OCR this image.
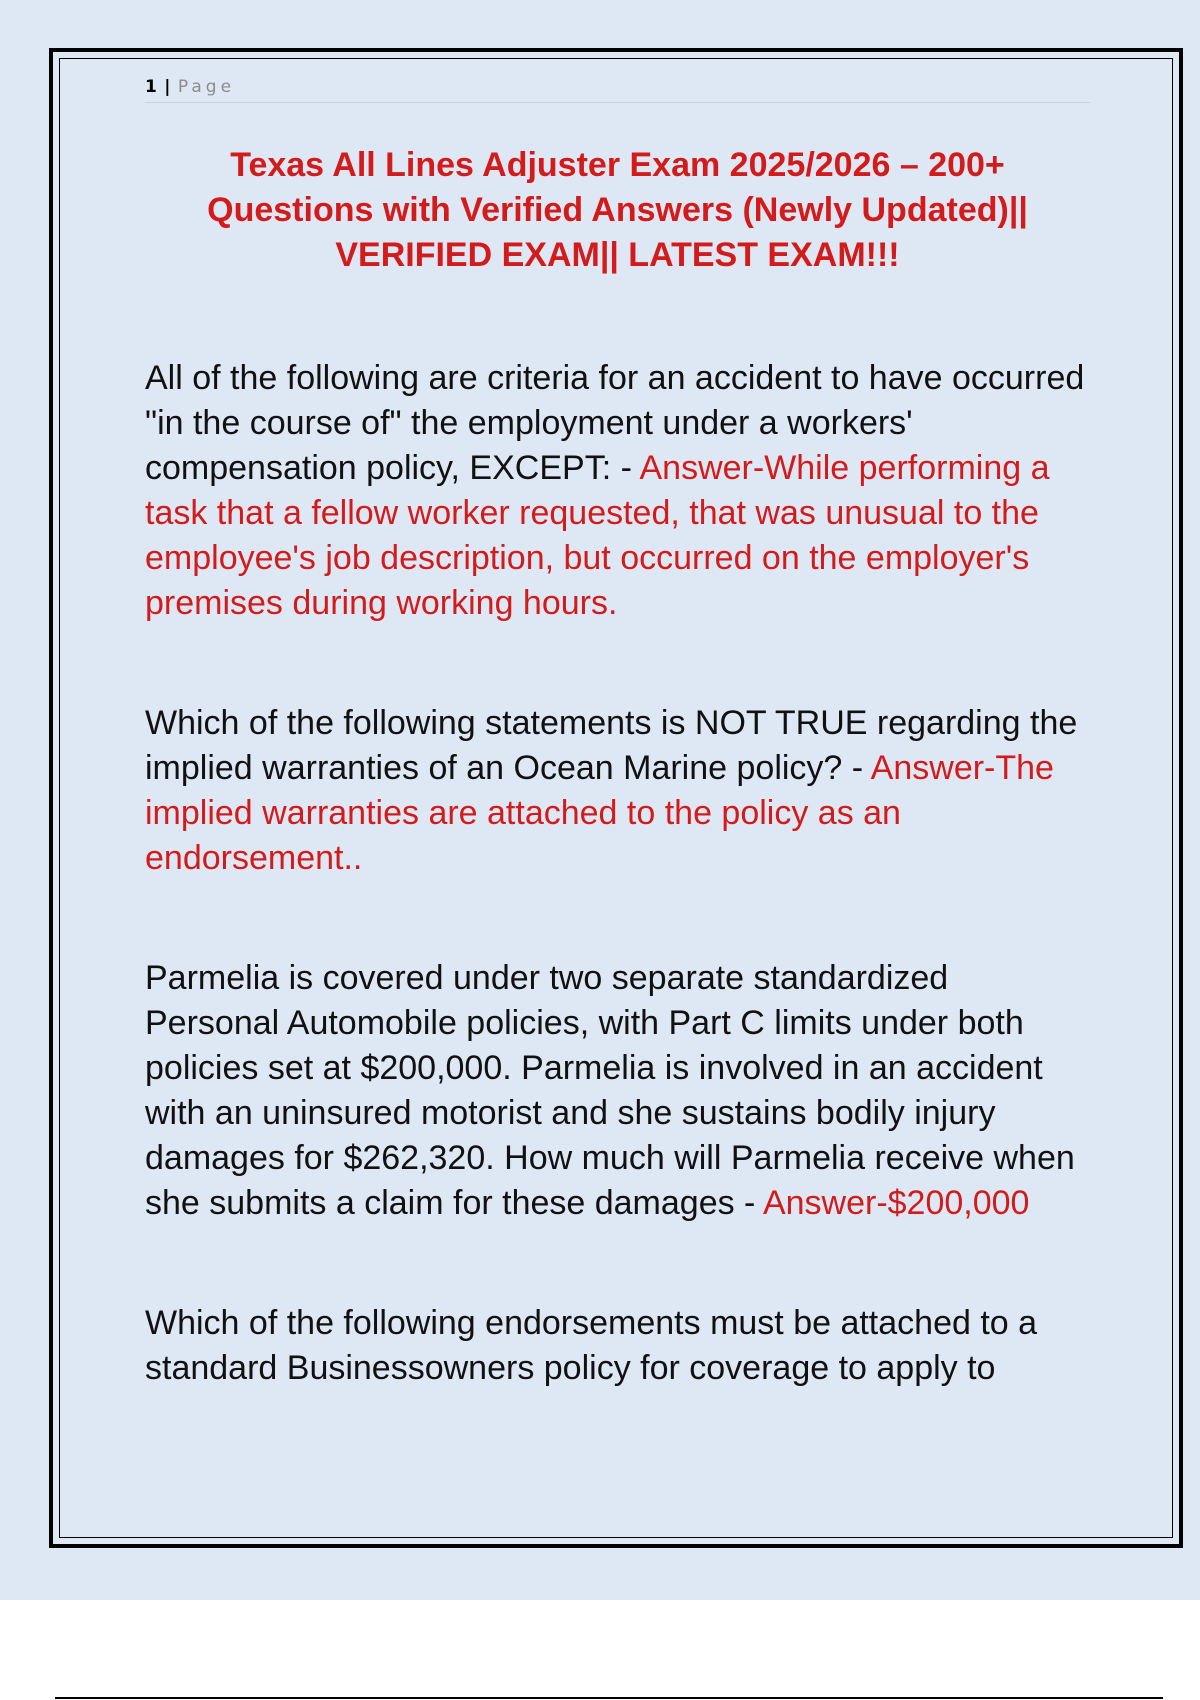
1 | Page
Texas All Lines Adjuster Exam 2025/2026 – 200+
Questions with Verified Answers (Newly Updated)||
VERIFIED EXAM|| LATEST EXAM!!!

All of the following are criteria for an accident to have occurred "in the course of" the employment under a workers' compensation policy, EXCEPT: - Answer-While performing a task that a fellow worker requested, that was unusual to the employee's job description, but occurred on the employer's premises during working hours.

Which of the following statements is NOT TRUE regarding the implied warranties of an Ocean Marine policy? - Answer-The implied warranties are attached to the policy as an endorsement..

Parmelia is covered under two separate standardized Personal Automobile policies, with Part C limits under both policies set at $200,000. Parmelia is involved in an accident with an uninsured motorist and she sustains bodily injury damages for $262,320. How much will Parmelia receive when she submits a claim for these damages - Answer-$200,000

Which of the following endorsements must be attached to a standard Businessowners policy for coverage to apply to
